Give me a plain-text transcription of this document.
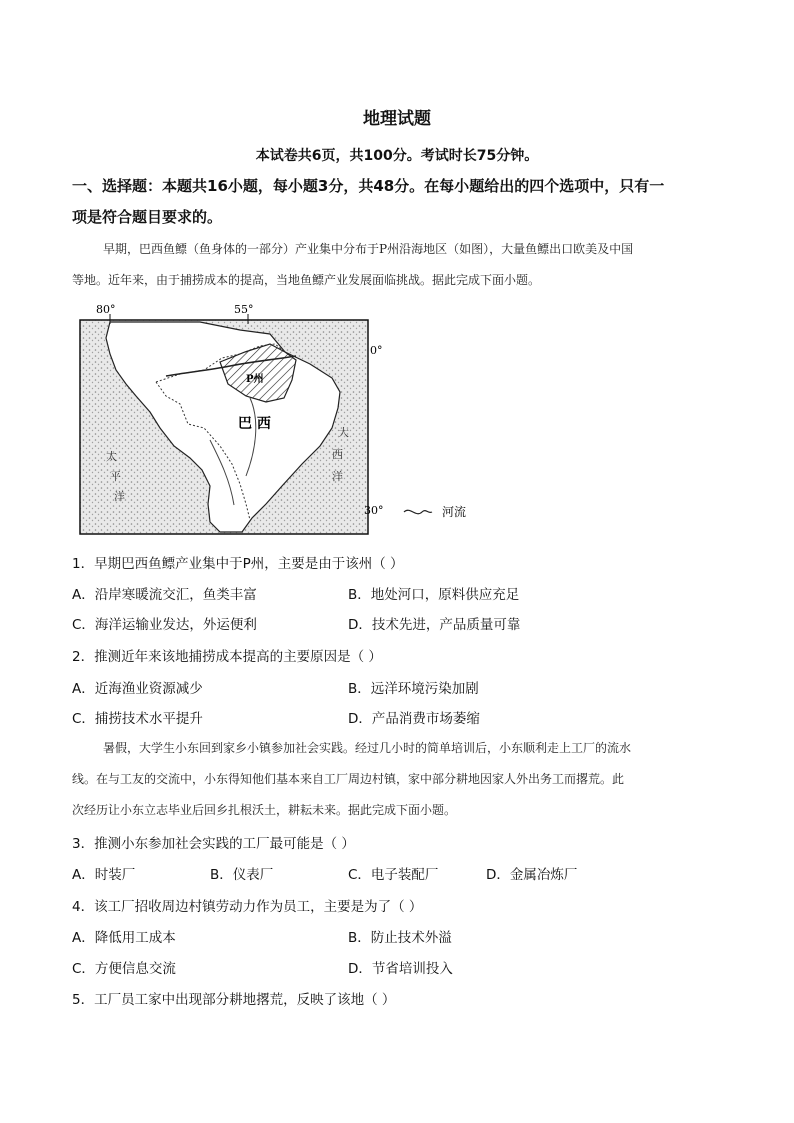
地理试题
本试卷共6页，共100分。考试时长75分钟。
一、选择题：本题共16小题，每小题3分，共48分。在每小题给出的四个选项中，只有一
项是符合题目要求的。
早期，巴西鱼鳔（鱼身体的一部分）产业集中分布于P州沿海地区（如图），大量鱼鳔出口欧美及中国
等地。近年来，由于捕捞成本的提高，当地鱼鳔产业发展面临挑战。据此完成下面小题。
80°	55°
0°
30°
P州
巴 西
太
平
洋
大
西
洋
河流
1．早期巴西鱼鳔产业集中于P州，主要是由于该州（ ）
A．沿岸寒暖流交汇，鱼类丰富	B．地处河口，原料供应充足
C．海洋运输业发达，外运便利	D．技术先进，产品质量可靠
2．推测近年来该地捕捞成本提高的主要原因是（ ）
A．近海渔业资源减少	B．远洋环境污染加剧
C．捕捞技术水平提升	D．产品消费市场萎缩
暑假，大学生小东回到家乡小镇参加社会实践。经过几小时的简单培训后，小东顺利走上工厂的流水
线。在与工友的交流中，小东得知他们基本来自工厂周边村镇，家中部分耕地因家人外出务工而撂荒。此
次经历让小东立志毕业后回乡扎根沃土，耕耘未来。据此完成下面小题。
3．推测小东参加社会实践的工厂最可能是（ ）
A．时装厂	B．仪表厂	C．电子装配厂	D．金属冶炼厂
4．该工厂招收周边村镇劳动力作为员工，主要是为了（ ）
A．降低用工成本	B．防止技术外溢
C．方便信息交流	D．节省培训投入
5．工厂员工家中出现部分耕地撂荒，反映了该地（ ）
